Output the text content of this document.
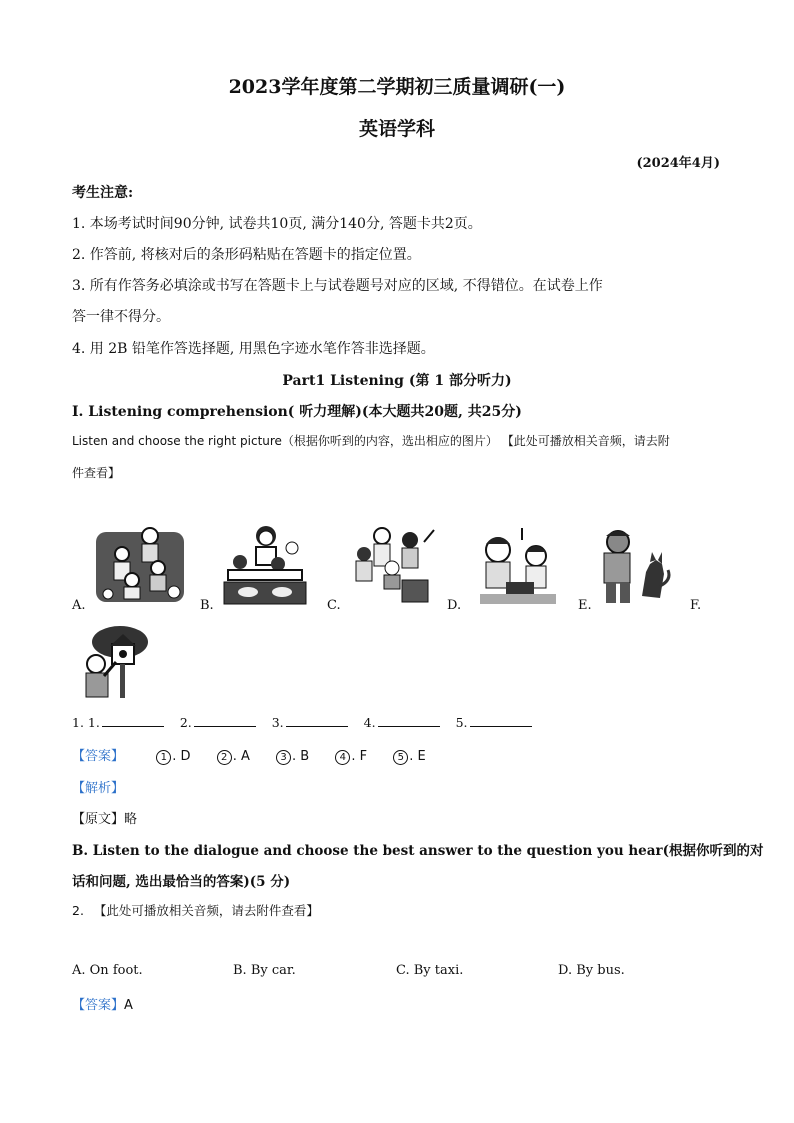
2023学年度第二学期初三质量调研(一)
英语学科
(2024年4月)
考生注意:
1. 本场考试时间90分钟, 试卷共10页, 满分140分, 答题卡共2页。
2. 作答前, 将核对后的条形码粘贴在答题卡的指定位置。
3. 所有作答务必填涂或书写在答题卡上与试卷题号对应的区域, 不得错位。在试卷上作
答一律不得分。
4. 用 2B 铅笔作答选择题, 用黑色字迹水笔作答非选择题。
Part1 Listening (第 1 部分听力)
I. Listening comprehension( 听力理解)(本大题共20题, 共25分)
Listen and choose the right picture（根据你听到的内容，选出相应的图片） 【此处可播放相关音频，请去附
件查看】
A.	B.	C.	D.	E.	F.
1. 1.	2.	3.	4.	5.
【答案】	1 . D	2 . A	3 . B	4 . F	5 . E
【解析】
【原文】略
B. Listen to the dialogue and choose the best answer to the question you hear(根据你听到的对
话和问题, 选出最恰当的答案)(5 分)
2. 【此处可播放相关音频，请去附件查看】
A. On foot.	B. By car.	C. By taxi.	D. By bus.
【答案】A
